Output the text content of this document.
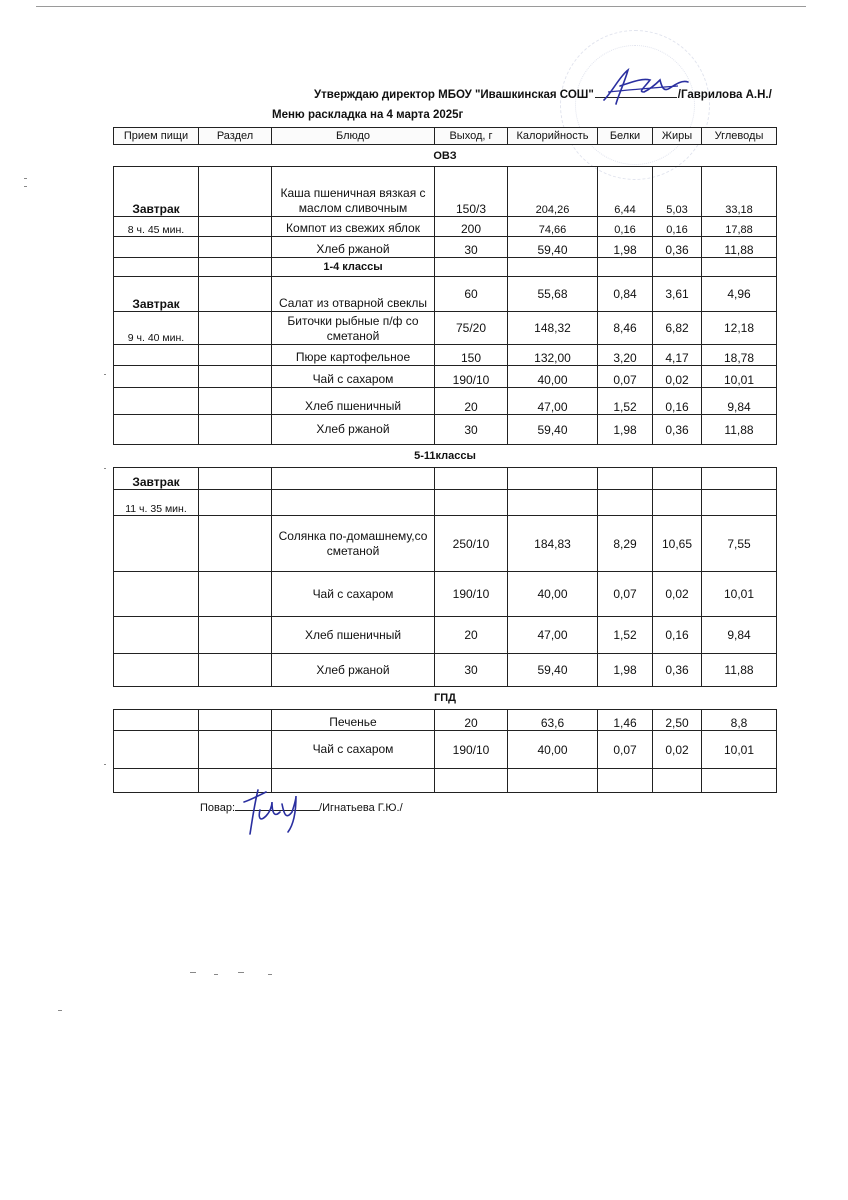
Утверждаю директор МБОУ "Ивашкинская СОШ"	/Гаврилова А.Н./
Меню раскладка на 4 марта 2025г
Прием пищи	Раздел	Блюдо	Выход, г	Калорийность	Белки	Жиры	Углеводы
ОВЗ							
Завтрак		Каша пшеничная вязкая с маслом сливочным	150/3	204,26	6,44	5,03	33,18
8 ч. 45 мин.		Компот из свежих яблок	200	74,66	0,16	0,16	17,88
		Хлеб ржаной	30	59,40	1,98	0,36	11,88
		1-4 классы					
Завтрак		Салат из отварной свеклы	60	55,68	0,84	3,61	4,96
9 ч. 40 мин.		Биточки рыбные п/ф со сметаной	75/20	148,32	8,46	6,82	12,18
		Пюре картофельное	150	132,00	3,20	4,17	18,78
		Чай с сахаром	190/10	40,00	0,07	0,02	10,01
		Хлеб пшеничный	20	47,00	1,52	0,16	9,84
		Хлеб ржаной	30	59,40	1,98	0,36	11,88
5-11классы							
Завтрак							
11 ч. 35 мин.							
		Солянка по-домашнему,со сметаной	250/10	184,83	8,29	10,65	7,55
		Чай с сахаром	190/10	40,00	0,07	0,02	10,01
		Хлеб пшеничный	20	47,00	1,52	0,16	9,84
		Хлеб ржаной	30	59,40	1,98	0,36	11,88
ГПД							
		Печенье	20	63,6	1,46	2,50	8,8
		Чай с сахаром	190/10	40,00	0,07	0,02	10,01

Повар:	/Игнатьева Г.Ю./
